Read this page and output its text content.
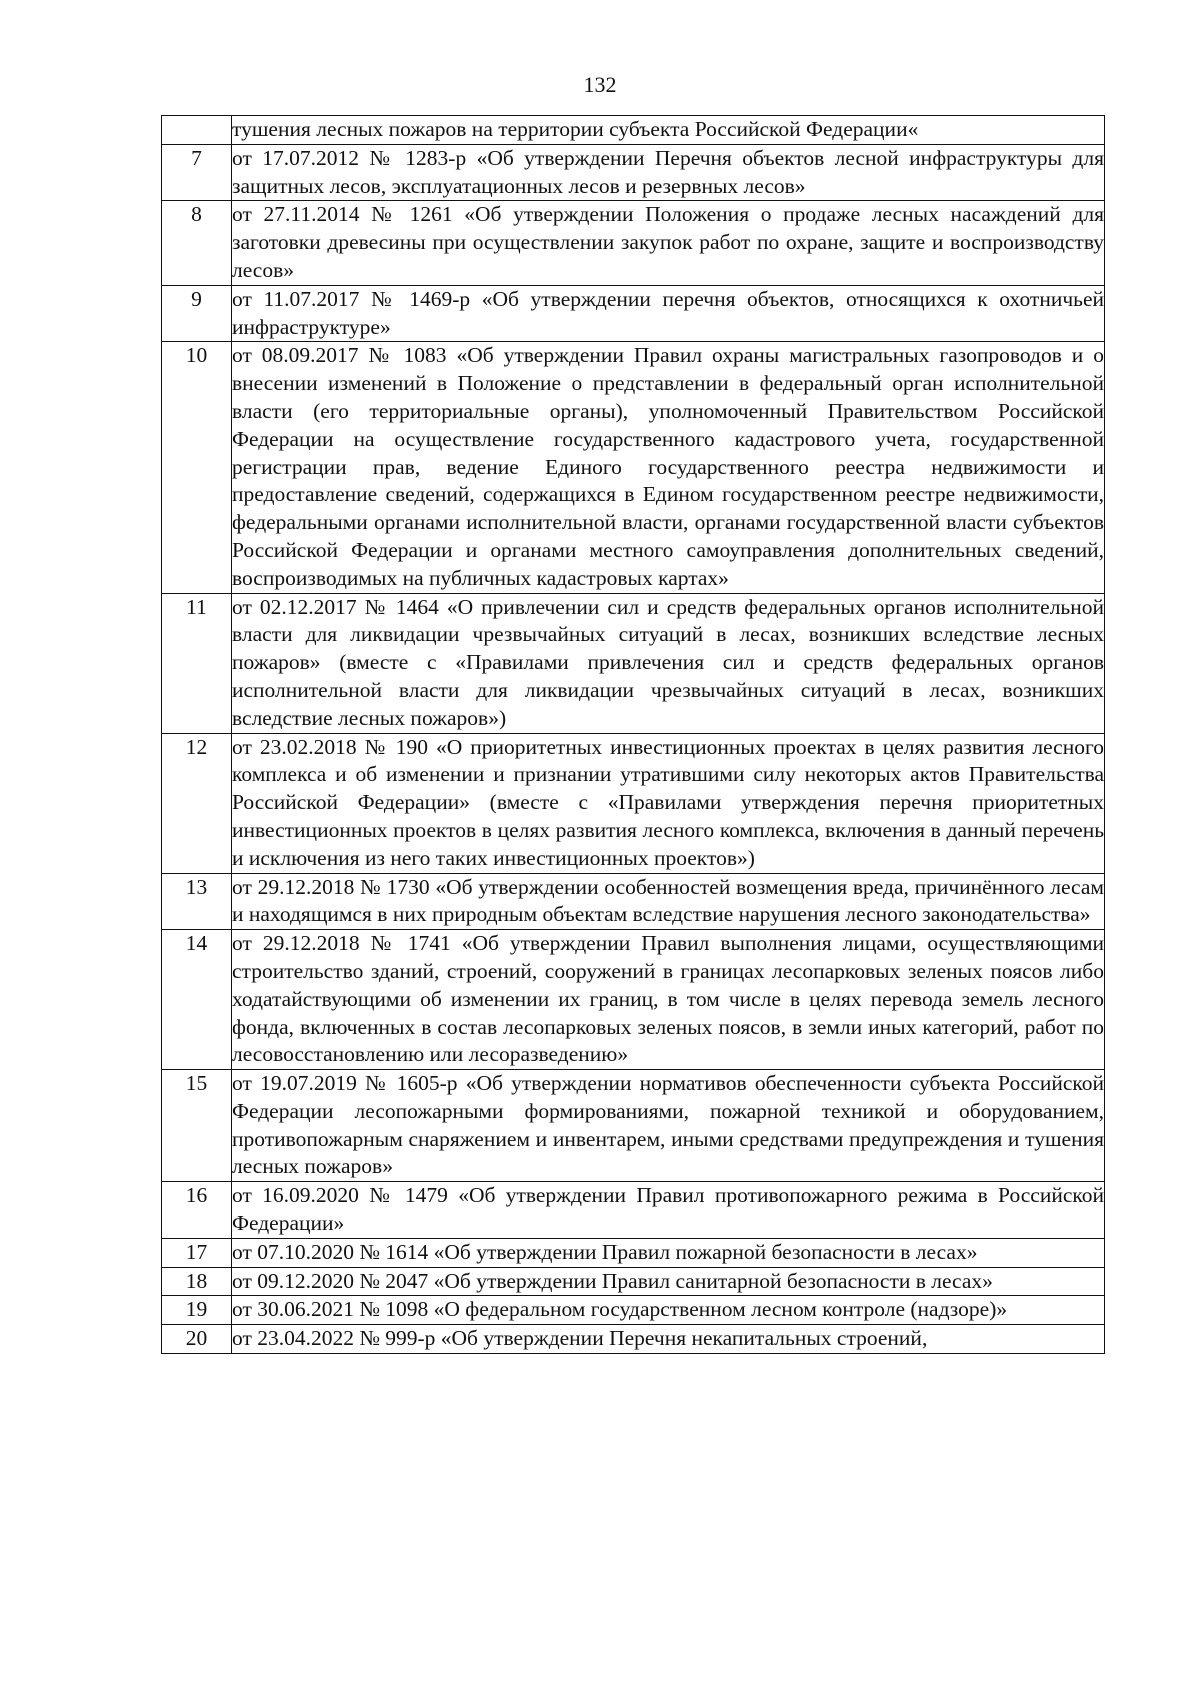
132
	тушения лесных пожаров на территории субъекта Российской Федерации«
7	от 17.07.2012 № 1283-р «Об утверждении Перечня объектов лесной инфраструктуры для защитных лесов, эксплуатационных лесов и резервных лесов»
8	от 27.11.2014 № 1261 «Об утверждении Положения о продаже лесных насаждений для заготовки древесины при осуществлении закупок работ по охране, защите и воспроизводству лесов»
9	от 11.07.2017 № 1469-р «Об утверждении перечня объектов, относящихся к охотничьей инфраструктуре»
10	от 08.09.2017 № 1083 «Об утверждении Правил охраны магистральных газопроводов и о внесении изменений в Положение о представлении в федеральный орган исполнительной власти (его территориальные органы), уполномоченный Правительством Российской Федерации на осуществление государственного кадастрового учета, государственной регистрации прав, ведение Единого государственного реестра недвижимости и предоставление сведений, содержащихся в Едином государственном реестре недвижимости, федеральными органами исполнительной власти, органами государственной власти субъектов Российской Федерации и органами местного самоуправления дополнительных сведений, воспроизводимых на публичных кадастровых картах»
11	от 02.12.2017 № 1464 «О привлечении сил и средств федеральных органов исполнительной власти для ликвидации чрезвычайных ситуаций в лесах, возникших вследствие лесных пожаров» (вместе с «Правилами привлечения сил и средств федеральных органов исполнительной власти для ликвидации чрезвычайных ситуаций в лесах, возникших вследствие лесных пожаров»)
12	от 23.02.2018 № 190 «О приоритетных инвестиционных проектах в целях развития лесного комплекса и об изменении и признании утратившими силу некоторых актов Правительства Российской Федерации» (вместе с «Правилами утверждения перечня приоритетных инвестиционных проектов в целях развития лесного комплекса, включения в данный перечень и исключения из него таких инвестиционных проектов»)
13	от 29.12.2018 № 1730 «Об утверждении особенностей возмещения вреда, причинённого лесам и находящимся в них природным объектам вследствие нарушения лесного законодательства»
14	от 29.12.2018 № 1741 «Об утверждении Правил выполнения лицами, осуществляющими строительство зданий, строений, сооружений в границах лесопарковых зеленых поясов либо ходатайствующими об изменении их границ, в том числе в целях перевода земель лесного фонда, включенных в состав лесопарковых зеленых поясов, в земли иных категорий, работ по лесовосстановлению или лесоразведению»
15	от 19.07.2019 № 1605-р «Об утверждении нормативов обеспеченности субъекта Российской Федерации лесопожарными формированиями, пожарной техникой и оборудованием, противопожарным снаряжением и инвентарем, иными средствами предупреждения и тушения лесных пожаров»
16	от 16.09.2020 № 1479 «Об утверждении Правил противопожарного режима в Российской Федерации»
17	от 07.10.2020 № 1614 «Об утверждении Правил пожарной безопасности в лесах»
18	от 09.12.2020 № 2047 «Об утверждении Правил санитарной безопасности в лесах»
19	от 30.06.2021 № 1098 «О федеральном государственном лесном контроле (надзоре)»
20	от 23.04.2022 № 999-р «Об утверждении Перечня некапитальных строений,
